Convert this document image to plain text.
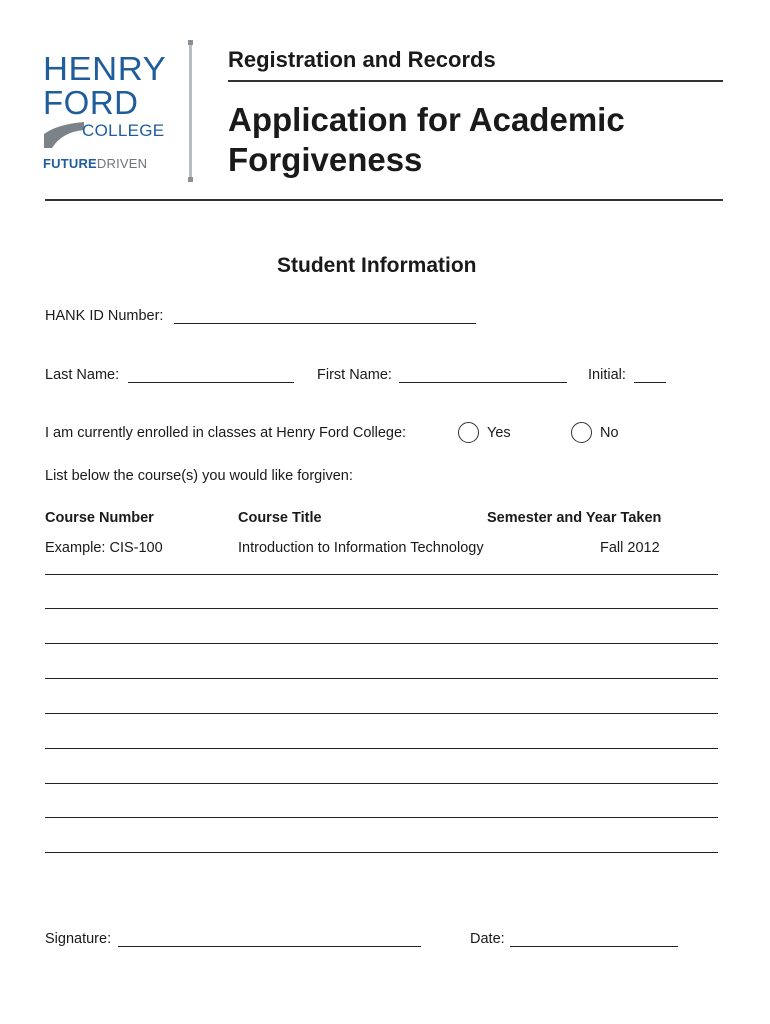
HENRY
FORD
COLLEGE
FUTUREDRIVEN
Registration and Records
Application for Academic
Forgiveness
Student Information
HANK ID Number:
Last Name:	First Name:	Initial:
I am currently enrolled in classes at Henry Ford College:	Yes	No
List below the course(s) you would like forgiven:
Course Number	Course Title	Semester and Year Taken
Example: CIS-100	Introduction to Information Technology	Fall 2012
Signature:	Date:
